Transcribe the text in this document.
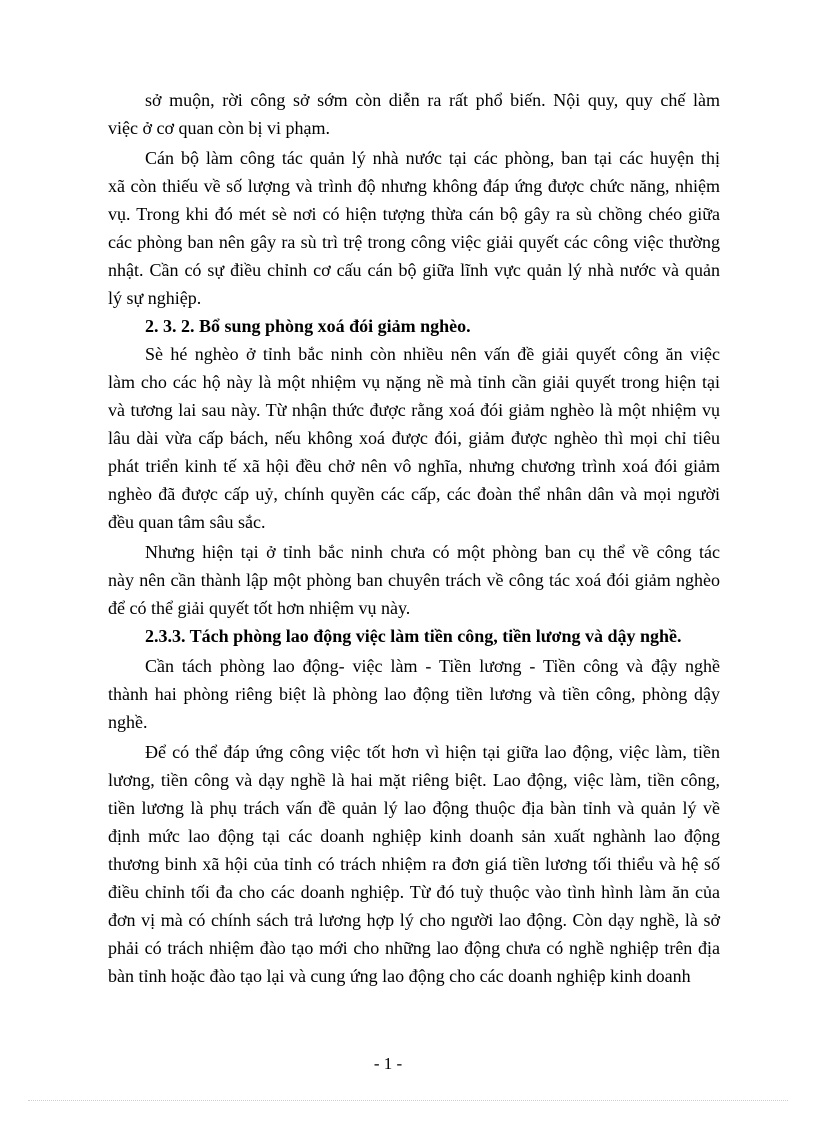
sở muộn, rời công sở sớm còn diễn ra rất phổ biến. Nội quy, quy chế làm
việc ở cơ quan còn bị vi phạm.
Cán bộ làm công tác quản lý nhà nước tại các phòng, ban tại các huyện thị
xã còn thiếu về số lượng và trình độ nhưng không đáp ứng được chức năng, nhiệm
vụ. Trong khi đó mét sè nơi có hiện tượng thừa cán bộ gây ra sù chồng chéo giữa
các phòng ban nên gây ra sù trì trệ trong công việc giải quyết các công việc thường
nhật. Cần có sự điều chỉnh cơ cấu cán bộ giữa lĩnh vực quản lý nhà nước và quản
lý sự nghiệp.
2. 3. 2. Bổ sung phòng xoá đói giảm nghèo.
Sè hé nghèo ở tỉnh bắc ninh còn nhiều nên vấn đề giải quyết công ăn việc
làm cho các hộ này là một nhiệm vụ nặng nề mà tỉnh cần giải quyết trong hiện tại
và tương lai sau này. Từ nhận thức được rằng xoá đói giảm nghèo là một nhiệm vụ
lâu dài vừa cấp bách, nếu không xoá được đói, giảm được nghèo thì mọi chỉ tiêu
phát triển kinh tế xã hội đều chở nên vô nghĩa, nhưng chương trình xoá đói giảm
nghèo đã được cấp uỷ, chính quyền các cấp, các đoàn thể nhân dân và mọi người
đều quan tâm sâu sắc.
Nhưng hiện tại ở tỉnh bắc ninh chưa có một phòng ban cụ thể về công tác
này nên cần thành lập một phòng ban chuyên trách về công tác xoá đói giảm nghèo
để có thể giải quyết tốt hơn nhiệm vụ này.
2.3.3. Tách phòng lao động việc làm tiền công, tiền lương và dậy nghề.
Cần tách phòng lao động- việc làm - Tiền lương - Tiền công và đậy nghề
thành hai phòng riêng biệt là phòng lao động tiền lương và tiền công, phòng dậy
nghề.
Để có thể đáp ứng công việc tốt hơn vì hiện tại giữa lao động, việc làm, tiền
lương, tiền công và dạy nghề là hai mặt riêng biệt. Lao động, việc làm, tiền công,
tiền lương là phụ trách vấn đề quản lý lao động thuộc địa bàn tỉnh và quản lý về
định mức lao động tại các doanh nghiệp kinh doanh sản xuất nghành lao động
thương binh xã hội của tỉnh có trách nhiệm ra đơn giá tiền lương tối thiểu và hệ số
điều chỉnh tối đa cho các doanh nghiệp. Từ đó tuỳ thuộc vào tình hình làm ăn của
đơn vị mà có chính sách trả lương hợp lý cho người lao động. Còn dạy nghề, là sở
phải có trách nhiệm đào tạo mới cho những lao động chưa có nghề nghiệp trên địa
bàn tỉnh hoặc đào tạo lại và cung ứng lao động cho các doanh nghiệp kinh doanh
- 1 -
